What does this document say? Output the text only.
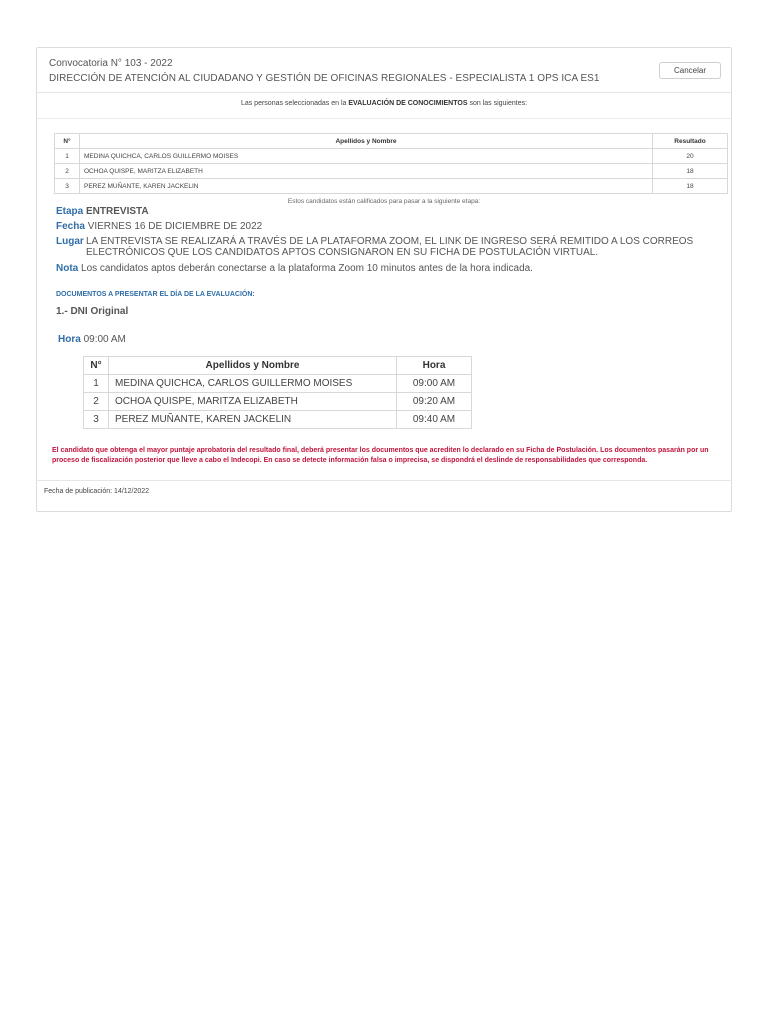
Convocatoria N° 103 - 2022
DIRECCIÓN DE ATENCIÓN AL CIUDADANO Y GESTIÓN DE OFICINAS REGIONALES - ESPECIALISTA 1 OPS ICA ES1
Cancelar
Las personas seleccionadas en la EVALUACIÓN DE CONOCIMIENTOS son las siguientes:
N°	Apellidos y Nombre	Resultado
1	MEDINA QUICHCA, CARLOS GUILLERMO MOISES	20
2	OCHOA QUISPE, MARITZA ELIZABETH	18
3	PEREZ MUÑANTE, KAREN JACKELIN	18
Estos candidatos están calificados para pasar a la siguiente etapa:
Etapa ENTREVISTA
Fecha VIERNES 16 DE DICIEMBRE DE 2022
Lugar LA ENTREVISTA SE REALIZARÁ A TRAVÉS DE LA PLATAFORMA ZOOM, EL LINK DE INGRESO SERÁ REMITIDO A LOS CORREOS ELECTRÓNICOS QUE LOS CANDIDATOS APTOS CONSIGNARON EN SU FICHA DE POSTULACIÓN VIRTUAL.
Nota Los candidatos aptos deberán conectarse a la plataforma Zoom 10 minutos antes de la hora indicada.
DOCUMENTOS A PRESENTAR EL DÍA DE LA EVALUACIÓN:
1.- DNI Original
Hora 09:00 AM
N°	Apellidos y Nombre	Hora
1	MEDINA QUICHCA, CARLOS GUILLERMO MOISES	09:00 AM
2	OCHOA QUISPE, MARITZA ELIZABETH	09:20 AM
3	PEREZ MUÑANTE, KAREN JACKELIN	09:40 AM
El candidato que obtenga el mayor puntaje aprobatoria del resultado final, deberá presentar los documentos que acrediten lo declarado en su Ficha de Postulación. Los documentos pasarán por un proceso de fiscalización posterior que lleve a cabo el Indecopi. En caso se detecte información falsa o imprecisa, se dispondrá el deslinde de responsabilidades que corresponda.
Fecha de publicación: 14/12/2022
